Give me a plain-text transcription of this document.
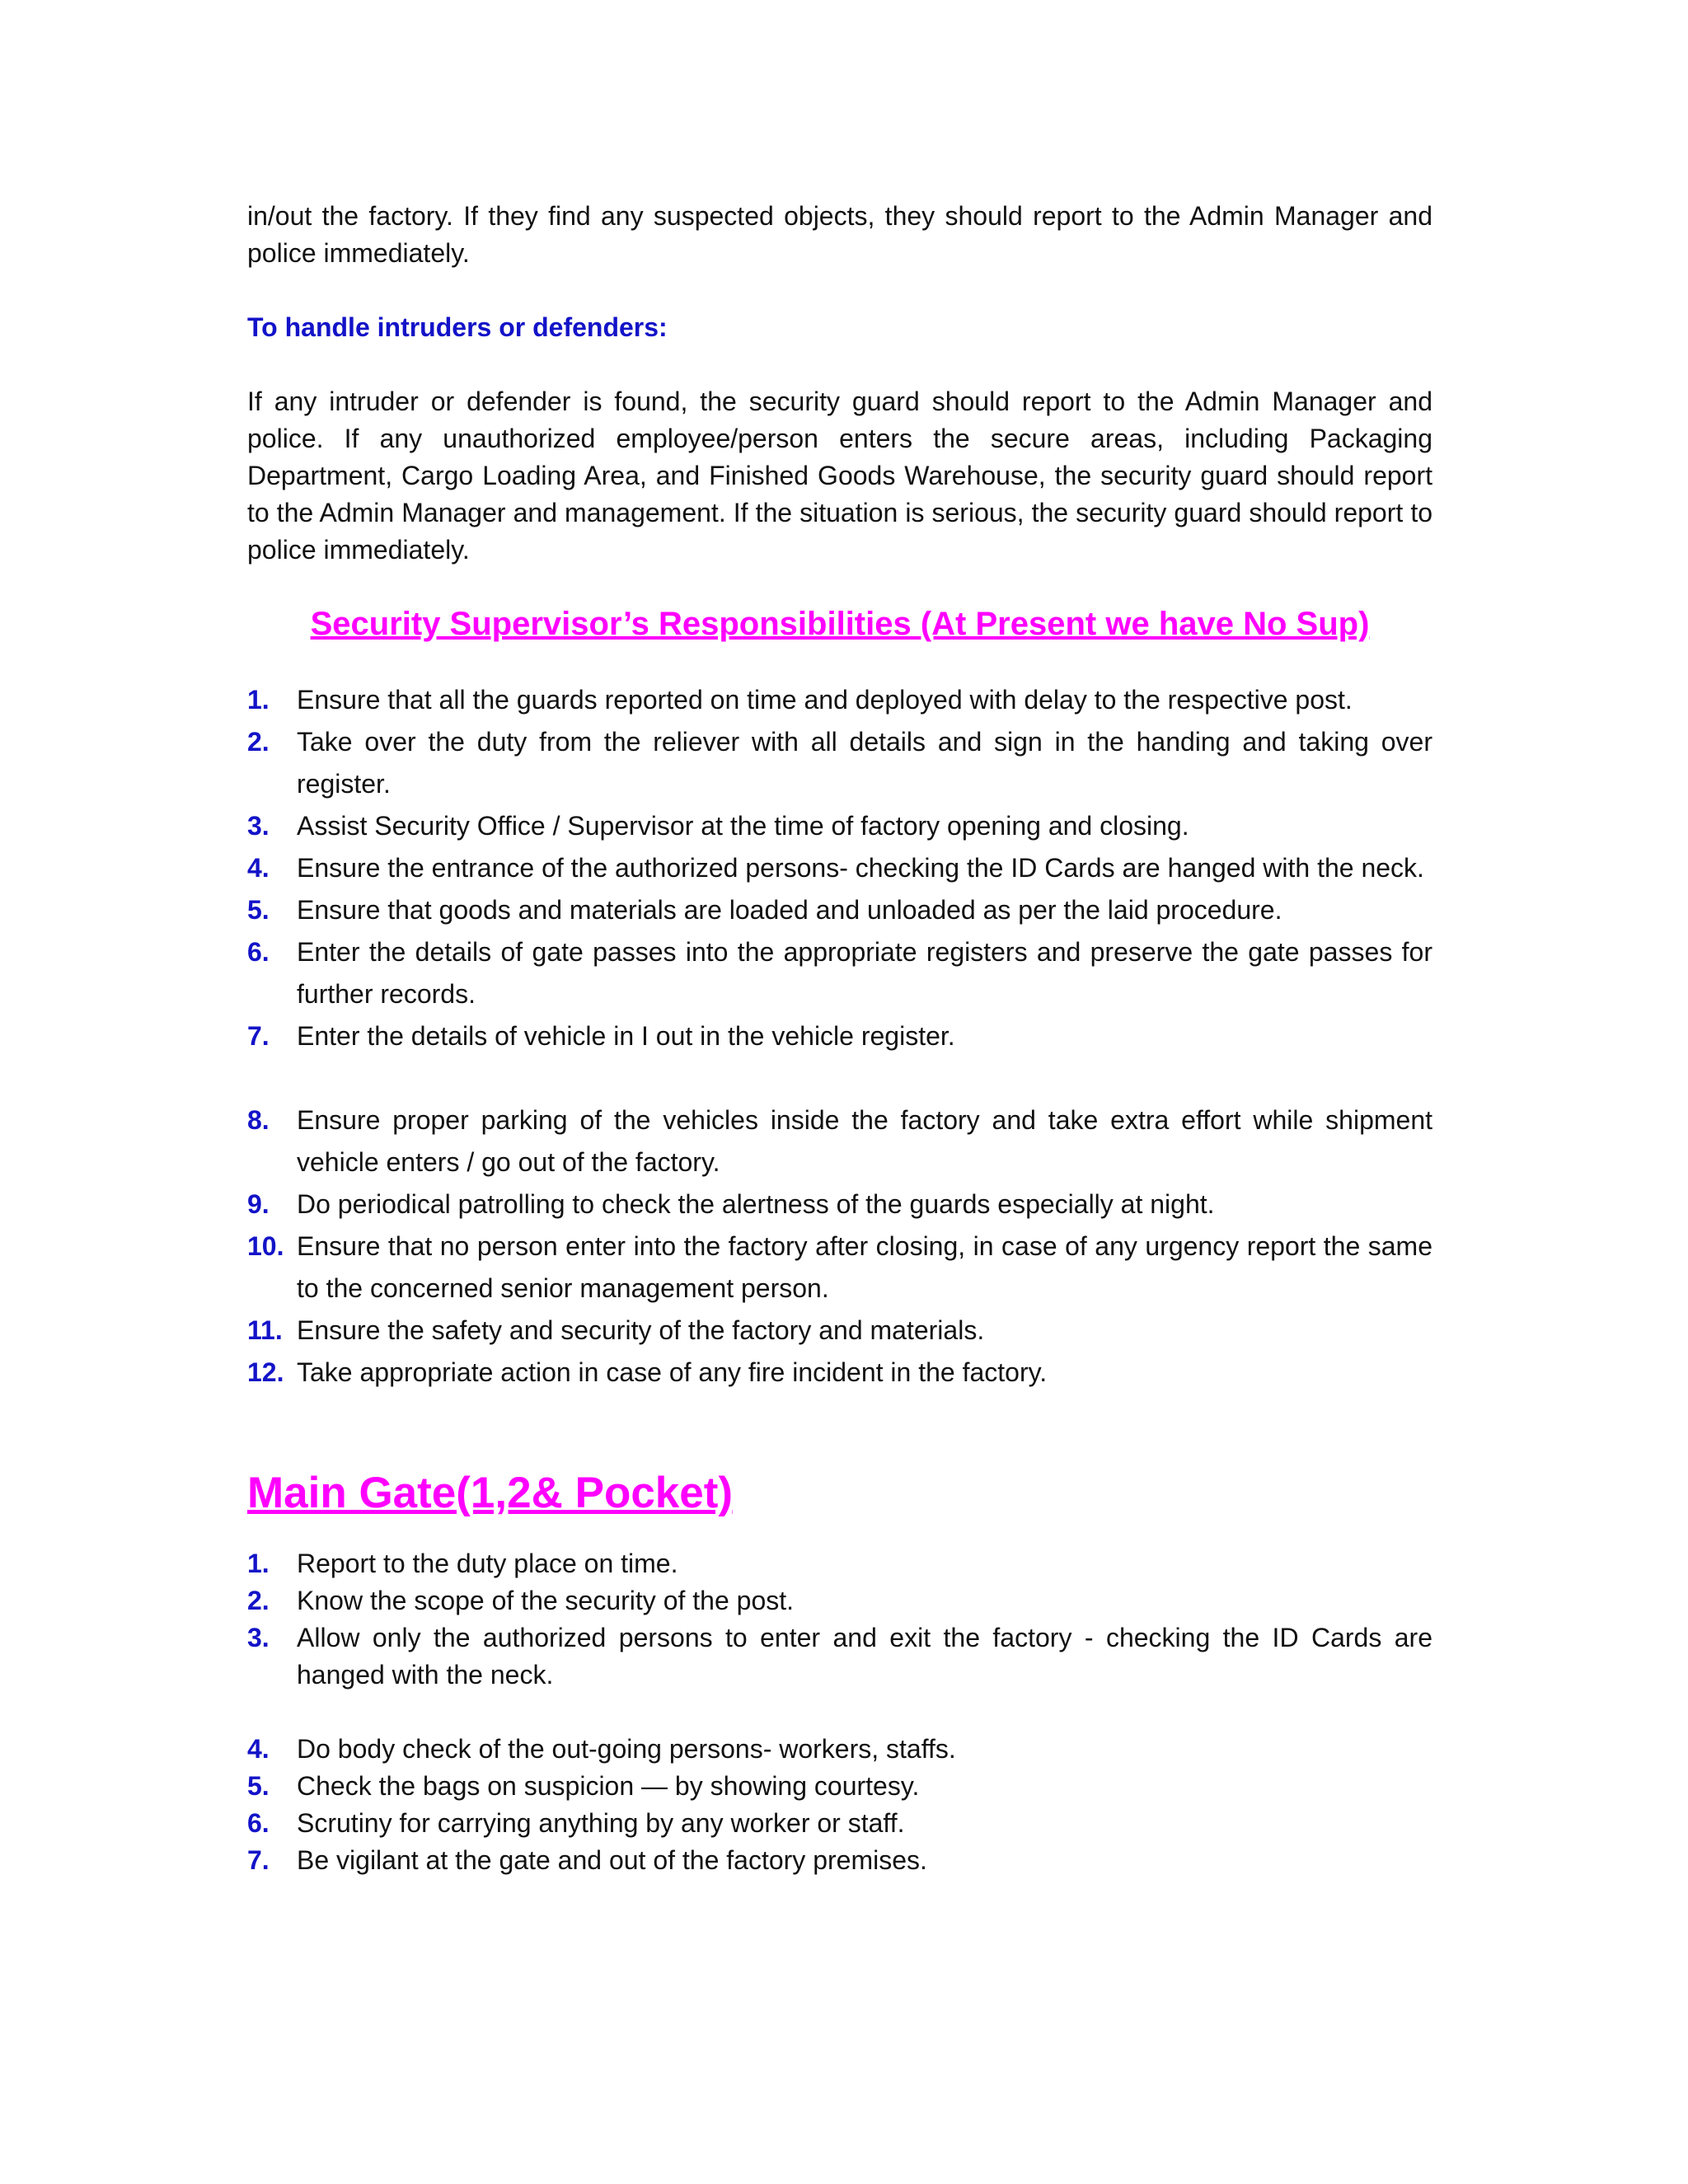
in/out the factory. If they find any suspected objects, they should report to the Admin Manager and police immediately.

To handle intruders or defenders:

If any intruder or defender is found, the security guard should report to the Admin Manager and police. If any unauthorized employee/person enters the secure areas, including Packaging Department, Cargo Loading Area, and Finished Goods Warehouse, the security guard should report to the Admin Manager and management. If the situation is serious, the security guard should report to police immediately.

Security Supervisor’s Responsibilities (At Present we have No Sup)
1. Ensure that all the guards reported on time and deployed with delay to the respective post.
2. Take over the duty from the reliever with all details and sign in the handing and taking over register.
3. Assist Security Office / Supervisor at the time of factory opening and closing.
4. Ensure the entrance of the authorized persons- checking the ID Cards are hanged with the neck.
5. Ensure that goods and materials are loaded and unloaded as per the laid procedure.
6. Enter the details of gate passes into the appropriate registers and preserve the gate passes for further records.
7. Enter the details of vehicle in I out in the vehicle register.
8. Ensure proper parking of the vehicles inside the factory and take extra effort while shipment vehicle enters / go out of the factory.
9. Do periodical patrolling to check the alertness of the guards especially at night.
10. Ensure that no person enter into the factory after closing, in case of any urgency report the same to the concerned senior management person.
11. Ensure the safety and security of the factory and materials.
12. Take appropriate action in case of any fire incident in the factory.
Main Gate(1,2& Pocket)
1. Report to the duty place on time.
2. Know the scope of the security of the post.
3. Allow only the authorized persons to enter and exit the factory - checking the ID Cards are hanged with the neck.
4. Do body check of the out-going persons- workers, staffs.
5. Check the bags on suspicion — by showing courtesy.
6. Scrutiny for carrying anything by any worker or staff.
7. Be vigilant at the gate and out of the factory premises.
